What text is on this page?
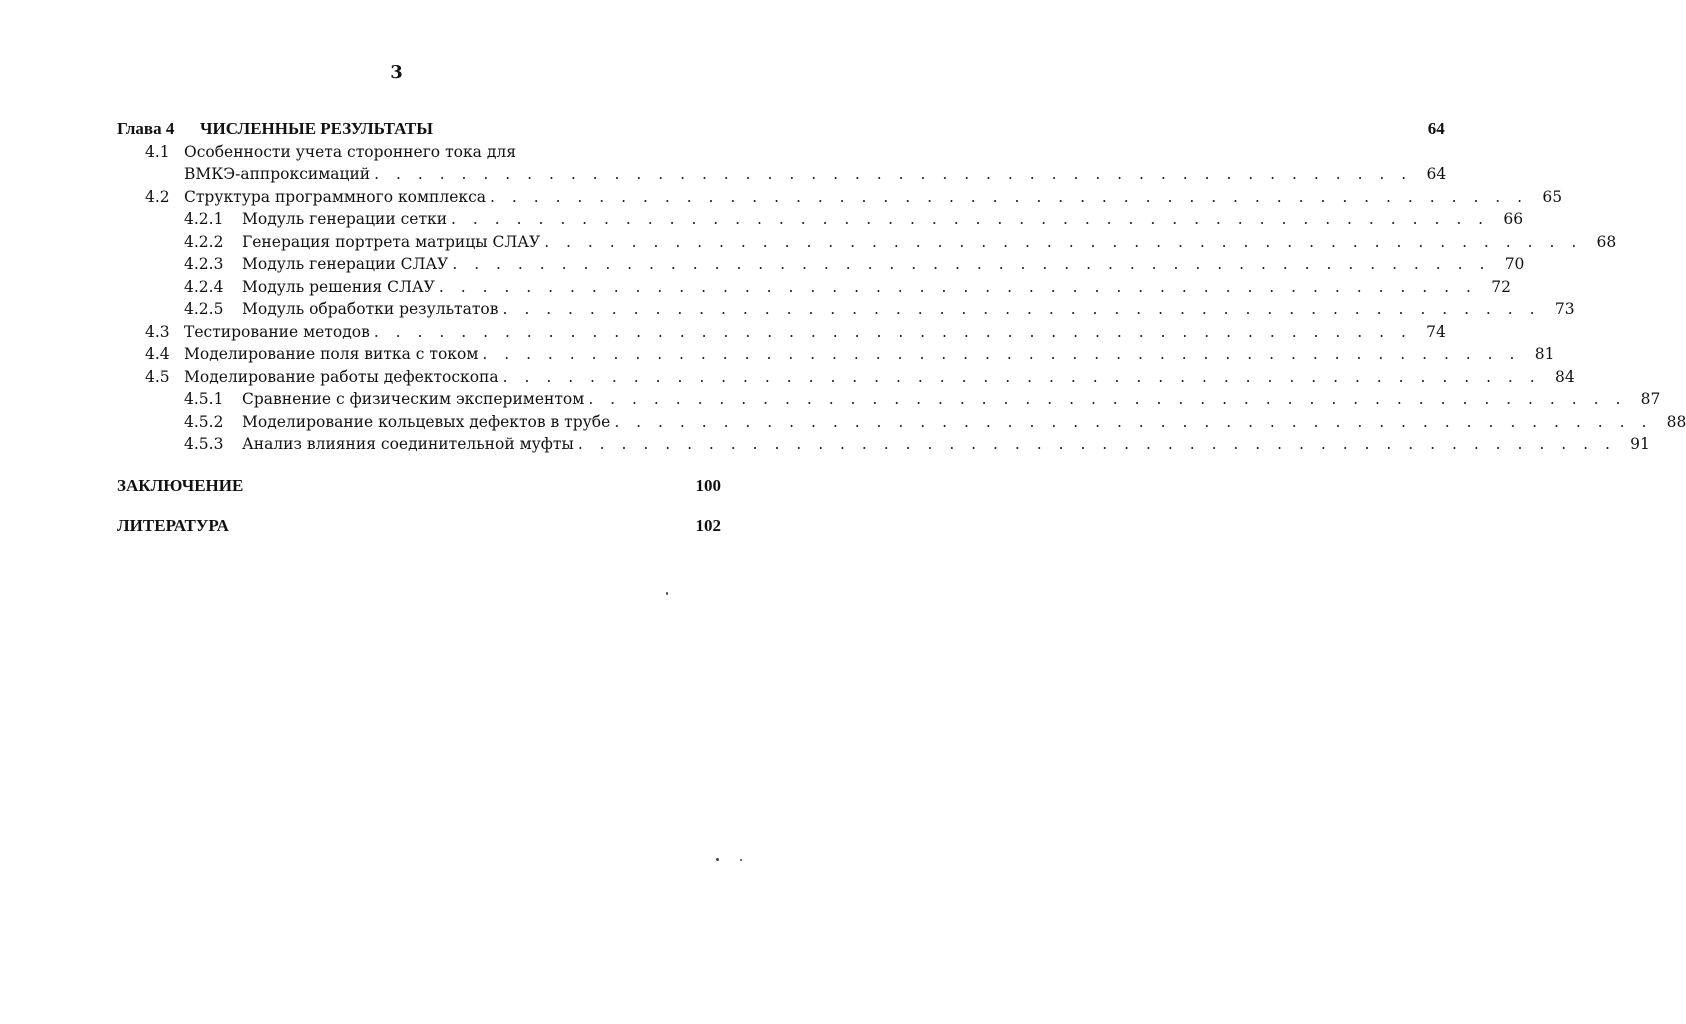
3
Глава 4	ЧИСЛЕННЫЕ РЕЗУЛЬТАТЫ	64
4.1 Особенности учета стороннего тока для
ВМКЭ-аппроксимаций . . . . . . . . . . . . . . . . . . . . . . . . . . . . . . . . . . . . . . . . . . . . . . . . 64
4.2 Структура программного комплекса . . . . . . . . . . . . . . . . . . . . . . . . . . . . . . . . . . . . . . . . . . . . . . . . 65
4.2.1	Модуль генерации сетки . . . . . . . . . . . . . . . . . . . . . . . . . . . . . . . . . . . . . . . . . . . . . . . . 66
4.2.2	Генерация портрета матрицы СЛАУ . . . . . . . . . . . . . . . . . . . . . . . . . . . . . . . . . . . . . . . . . . . . . . . . 68
4.2.3	Модуль генерации СЛАУ . . . . . . . . . . . . . . . . . . . . . . . . . . . . . . . . . . . . . . . . . . . . . . . . 70
4.2.4	Модуль решения СЛАУ . . . . . . . . . . . . . . . . . . . . . . . . . . . . . . . . . . . . . . . . . . . . . . . . 72
4.2.5	Модуль обработки результатов . . . . . . . . . . . . . . . . . . . . . . . . . . . . . . . . . . . . . . . . . . . . . . . . 73
4.3 Тестирование методов . . . . . . . . . . . . . . . . . . . . . . . . . . . . . . . . . . . . . . . . . . . . . . . . 74
4.4 Моделирование поля витка с током . . . . . . . . . . . . . . . . . . . . . . . . . . . . . . . . . . . . . . . . . . . . . . . . 81
4.5 Моделирование работы дефектоскопа . . . . . . . . . . . . . . . . . . . . . . . . . . . . . . . . . . . . . . . . . . . . . . . . 84
4.5.1	Сравнение с физическим экспериментом . . . . . . . . . . . . . . . . . . . . . . . . . . . . . . . . . . . . . . . . . . . . . . . . 87
4.5.2	Моделирование кольцевых дефектов в трубе . . . . . . . . . . . . . . . . . . . . . . . . . . . . . . . . . . . . . . . . . . . . . . . . 88
4.5.3	Анализ влияния соединительной муфты . . . . . . . . . . . . . . . . . . . . . . . . . . . . . . . . . . . . . . . . . . . . . . . . 91
ЗАКЛЮЧЕНИЕ	100
ЛИТЕРАТУРА	102
